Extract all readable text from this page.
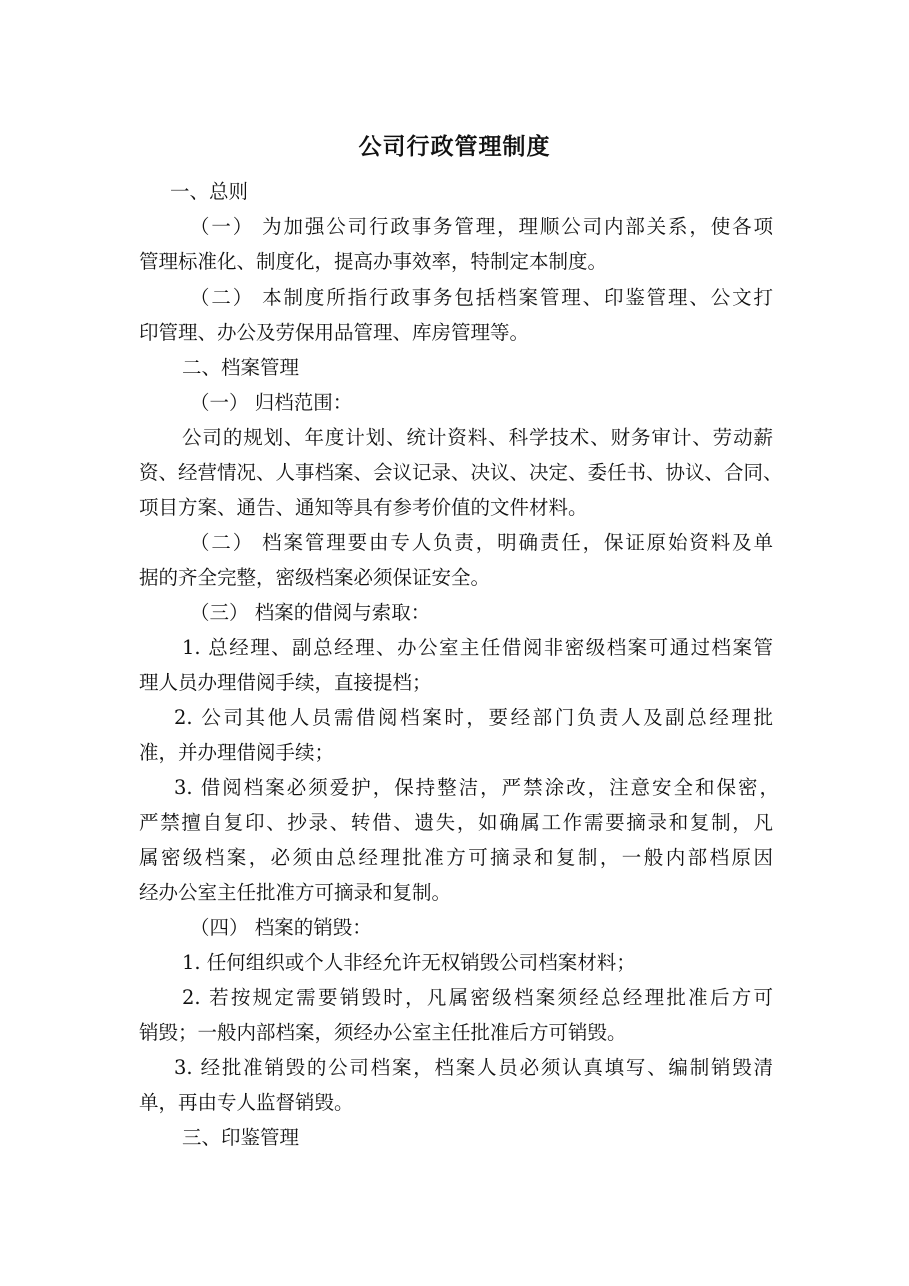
公司行政管理制度
一、总则
（一） 为加强公司行政事务管理，理顺公司内部关系，使各项
管理标准化、制度化，提高办事效率，特制定本制度。
（二） 本制度所指行政事务包括档案管理、印鉴管理、公文打
印管理、办公及劳保用品管理、库房管理等。
二、档案管理
（一） 归档范围：
公司的规划、年度计划、统计资料、科学技术、财务审计、劳动薪
资、经营情况、人事档案、会议记录、决议、决定、委任书、协议、合同、
项目方案、通告、通知等具有参考价值的文件材料。
（二） 档案管理要由专人负责，明确责任，保证原始资料及单
据的齐全完整，密级档案必须保证安全。
（三） 档案的借阅与索取：
1. 总经理、副总经理、办公室主任借阅非密级档案可通过档案管
理人员办理借阅手续，直接提档；
2. 公司其他人员需借阅档案时，要经部门负责人及副总经理批
准，并办理借阅手续；
3. 借阅档案必须爱护，保持整洁，严禁涂改，注意安全和保密，
严禁擅自复印、抄录、转借、遗失，如确属工作需要摘录和复制，凡
属密级档案，必须由总经理批准方可摘录和复制，一般内部档原因
经办公室主任批准方可摘录和复制。
（四） 档案的销毁：
1. 任何组织或个人非经允许无权销毁公司档案材料；
2. 若按规定需要销毁时，凡属密级档案须经总经理批准后方可
销毁；一般内部档案，须经办公室主任批准后方可销毁。
3. 经批准销毁的公司档案，档案人员必须认真填写、编制销毁清
单，再由专人监督销毁。
三、印鉴管理
